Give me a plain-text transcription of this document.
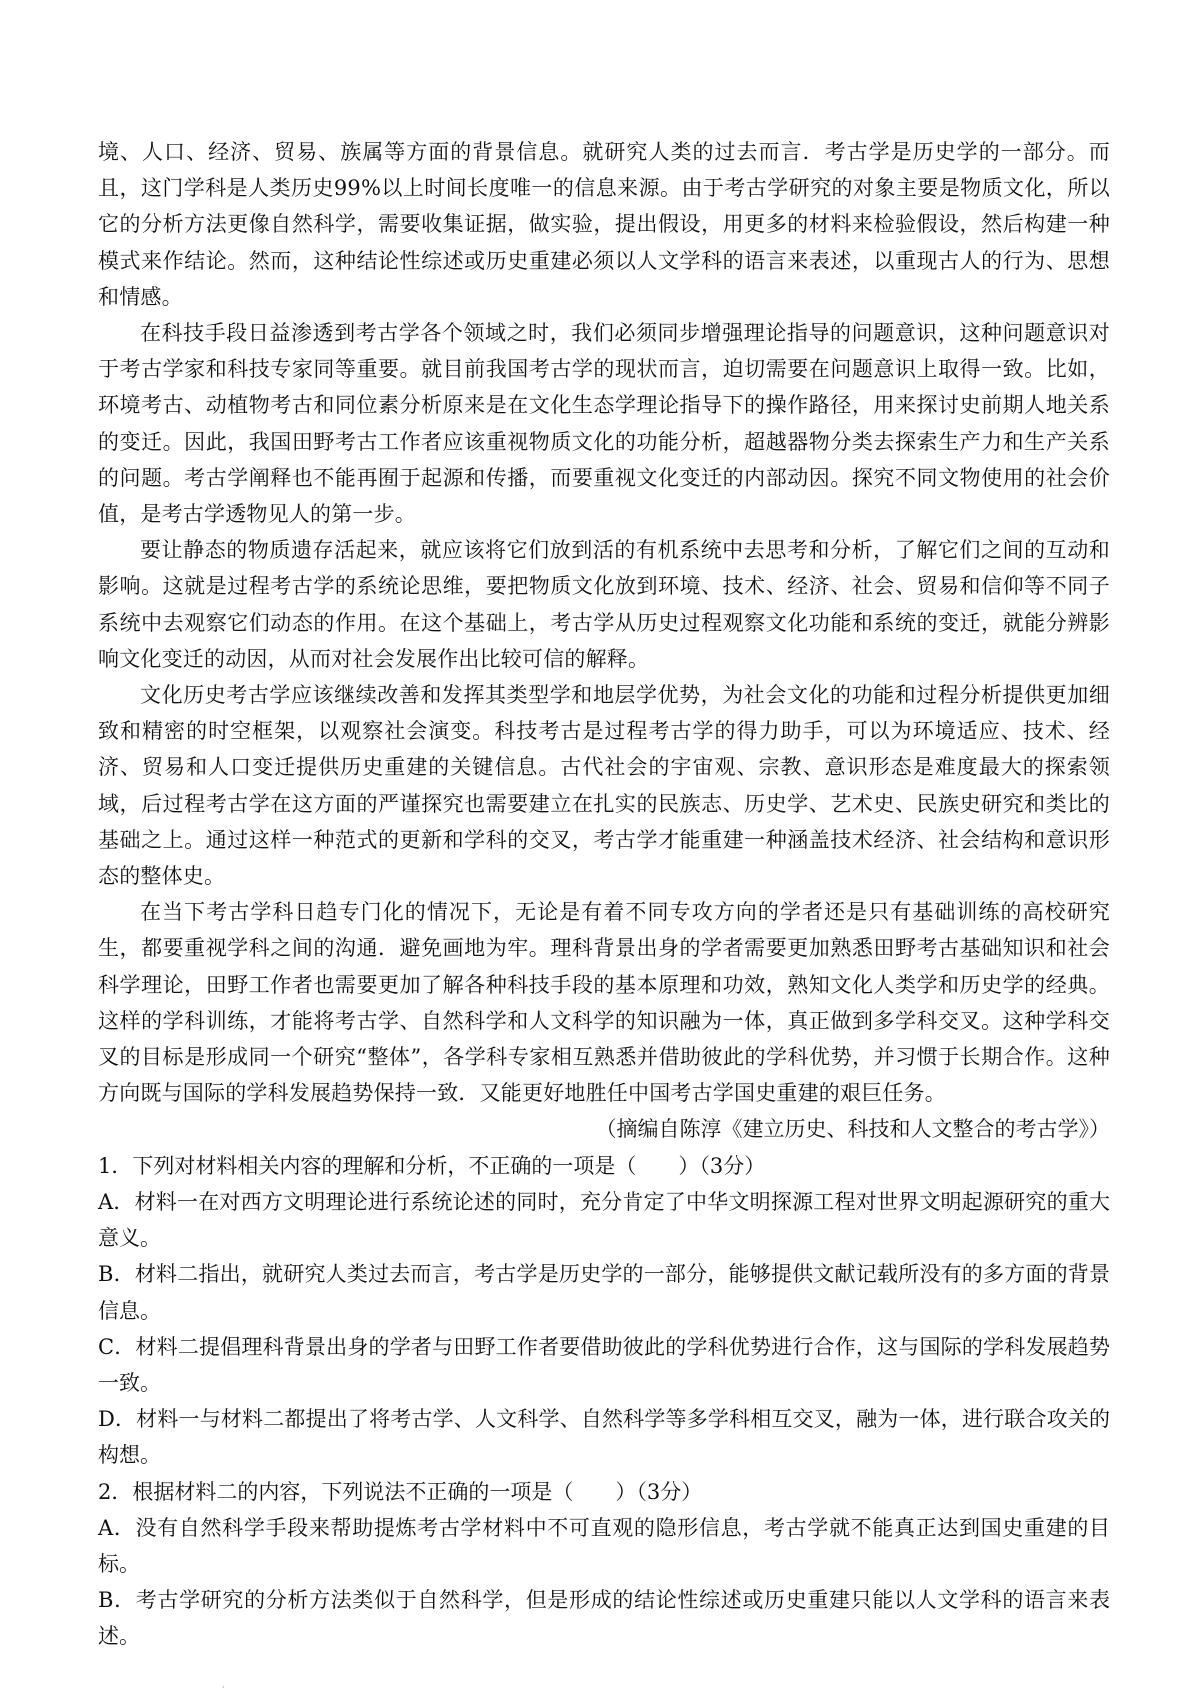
境、人口、经济、贸易、族属等方面的背景信息。就研究人类的过去而言．考古学是历史学的一部分。而且，这门学科是人类历史99%以上时间长度唯一的信息来源。由于考古学研究的对象主要是物质文化，所以它的分析方法更像自然科学，需要收集证据，做实验，提出假设，用更多的材料来检验假设，然后构建一种模式来作结论。然而，这种结论性综述或历史重建必须以人文学科的语言来表述，以重现古人的行为、思想和情感。

在科技手段日益渗透到考古学各个领域之时，我们必须同步增强理论指导的问题意识，这种问题意识对于考古学家和科技专家同等重要。就目前我国考古学的现状而言，迫切需要在问题意识上取得一致。比如，环境考古、动植物考古和同位素分析原来是在文化生态学理论指导下的操作路径，用来探讨史前期人地关系的变迁。因此，我国田野考古工作者应该重视物质文化的功能分析，超越器物分类去探索生产力和生产关系的问题。考古学阐释也不能再囿于起源和传播，而要重视文化变迁的内部动因。探究不同文物使用的社会价值，是考古学透物见人的第一步。

要让静态的物质遗存活起来，就应该将它们放到活的有机系统中去思考和分析，了解它们之间的互动和影响。这就是过程考古学的系统论思维，要把物质文化放到环境、技术、经济、社会、贸易和信仰等不同子系统中去观察它们动态的作用。在这个基础上，考古学从历史过程观察文化功能和系统的变迁，就能分辨影响文化变迁的动因，从而对社会发展作出比较可信的解释。

文化历史考古学应该继续改善和发挥其类型学和地层学优势，为社会文化的功能和过程分析提供更加细致和精密的时空框架，以观察社会演变。科技考古是过程考古学的得力助手，可以为环境适应、技术、经济、贸易和人口变迁提供历史重建的关键信息。古代社会的宇宙观、宗教、意识形态是难度最大的探索领域，后过程考古学在这方面的严谨探究也需要建立在扎实的民族志、历史学、艺术史、民族史研究和类比的基础之上。通过这样一种范式的更新和学科的交叉，考古学才能重建一种涵盖技术经济、社会结构和意识形态的整体史。

在当下考古学科日趋专门化的情况下，无论是有着不同专攻方向的学者还是只有基础训练的高校研究生，都要重视学科之间的沟通．避免画地为牢。理科背景出身的学者需要更加熟悉田野考古基础知识和社会科学理论，田野工作者也需要更加了解各种科技手段的基本原理和功效，熟知文化人类学和历史学的经典。这样的学科训练，才能将考古学、自然科学和人文科学的知识融为一体，真正做到多学科交叉。这种学科交叉的目标是形成同一个研究“整体”，各学科专家相互熟悉并借助彼此的学科优势，并习惯于长期合作。这种方向既与国际的学科发展趋势保持一致．又能更好地胜任中国考古学国史重建的艰巨任务。

（摘编自陈淳《建立历史、科技和人文整合的考古学》）

1．下列对材料相关内容的理解和分析，不正确的一项是（　　）（3分）

A．材料一在对西方文明理论进行系统论述的同时，充分肯定了中华文明探源工程对世界文明起源研究的重大意义。

B．材料二指出，就研究人类过去而言，考古学是历史学的一部分，能够提供文献记载所没有的多方面的背景信息。

C．材料二提倡理科背景出身的学者与田野工作者要借助彼此的学科优势进行合作，这与国际的学科发展趋势一致。

D．材料一与材料二都提出了将考古学、人文科学、自然科学等多学科相互交叉，融为一体，进行联合攻关的构想。

2．根据材料二的内容，下列说法不正确的一项是（　　）（3分）

A．没有自然科学手段来帮助提炼考古学材料中不可直观的隐形信息，考古学就不能真正达到国史重建的目标。

B．考古学研究的分析方法类似于自然科学，但是形成的结论性综述或历史重建只能以人文学科的语言来表述。

·
